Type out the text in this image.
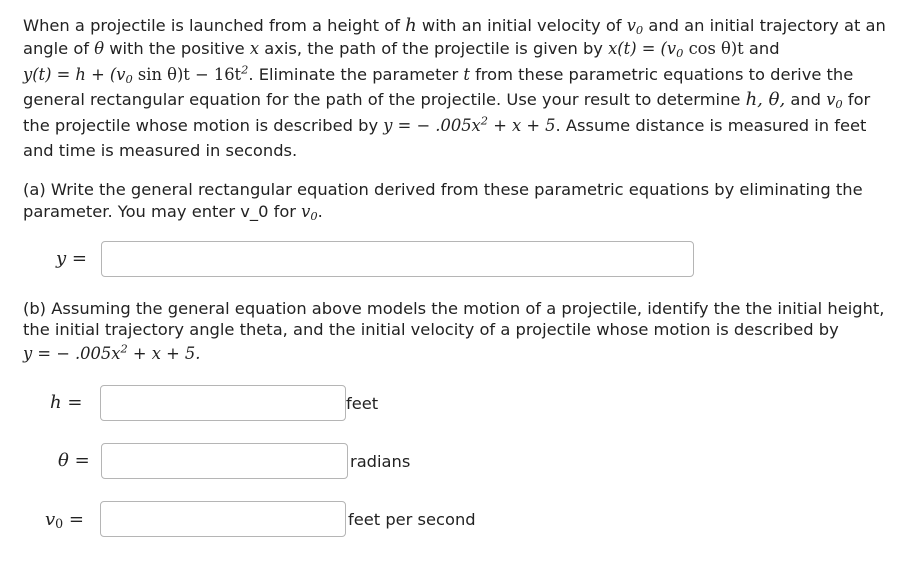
When a projectile is launched from a height of h with an initial velocity of $v_0$ and an initial trajectory at an
angle of θ with the positive x axis, the path of the projectile is given by $x(t) = (v_0$ cos θ)t and
$y(t) = h + (v_0$ $\sin \theta)t - 16t^2$. Eliminate the parameter t from these parametric equations to derive the
general rectangular equation for the path of the projectile. Use your result to determine h, θ, and $v_0$ for
the projectile whose motion is described by y = − $.005x^2 + x + 5$. Assume distance is measured in feet
and time is measured in seconds.
(a) Write the general rectangular equation derived from these parametric equations by eliminating the
parameter. You may enter v_0 for $v_0$.
y =
(b) Assuming the general equation above models the motion of a projectile, identify the the initial height,
the initial trajectory angle theta, and the initial velocity of a projectile whose motion is described by
y = − $.005x^2 + x + 5$.
h =	feet
θ =	radians
$v_0$ =	feet per second
